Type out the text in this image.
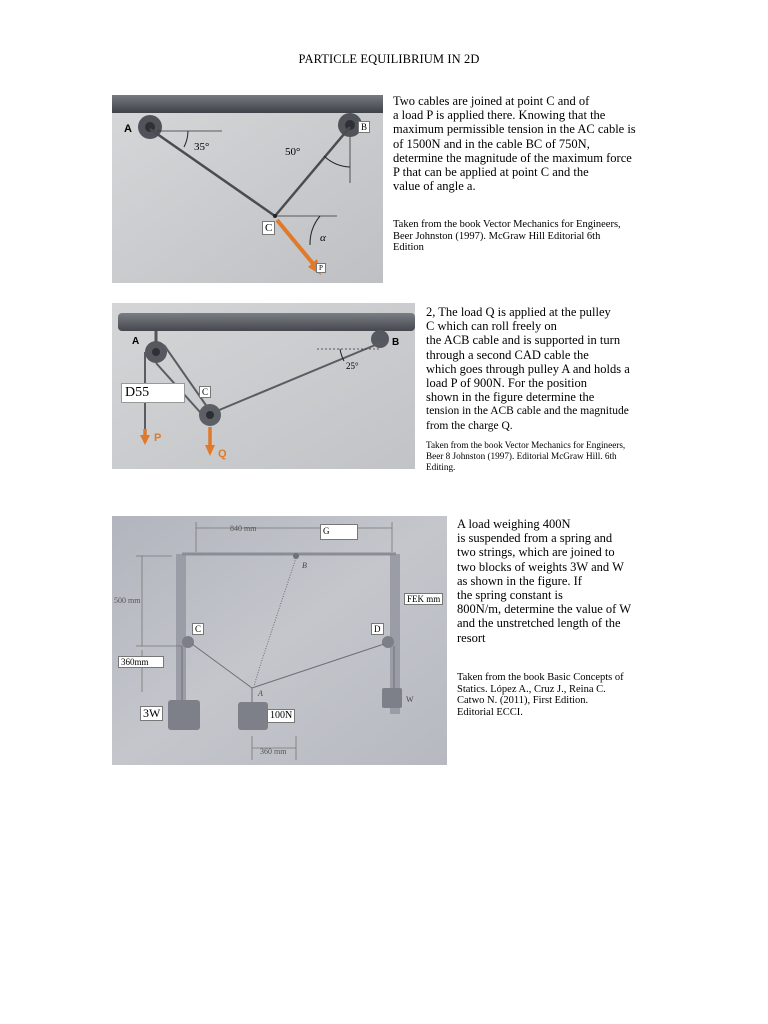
PARTICLE EQUILIBRIUM IN 2D
A
35°	50°
α
B
C
P
Two cables are joined at point C and of
a load P is applied there. Knowing that the
maximum permissible tension in the AC cable is
of 1500N and in the cable BC of 750N,
determine the magnitude of the maximum force
P that can be applied at point C and the
value of angle a.
Taken from the book Vector Mechanics for Engineers,
Beer Johnston (1997). McGraw Hill Editorial 6th
Edition
A	B
25°
P
Q
D55	C
2, The load Q is applied at the pulley
C which can roll freely on
the ACB cable and is supported in turn
through a second CAD cable the
which goes through pulley A and holds a
load P of 900N. For the position
shown in the figure determine the
tension in the ACB cable and the magnitude
from the charge Q.
Taken from the book Vector Mechanics for Engineers,
Beer 8 Johnston (1997). Editorial McGraw Hill. 6th
Editing.
840 mm
500 mm
B
A
W
360 mm
G
FEK mm
C	D
360mm
3W	100N
A load weighing 400N
is suspended from a spring and
two strings, which are joined to
two blocks of weights 3W and W
as shown in the figure. If
the spring constant is
800N/m, determine the value of W
and the unstretched length of the
resort
Taken from the book Basic Concepts of
Statics. López A., Cruz J., Reina C.
Catwo N. (2011), First Edition.
Editorial ECCI.
